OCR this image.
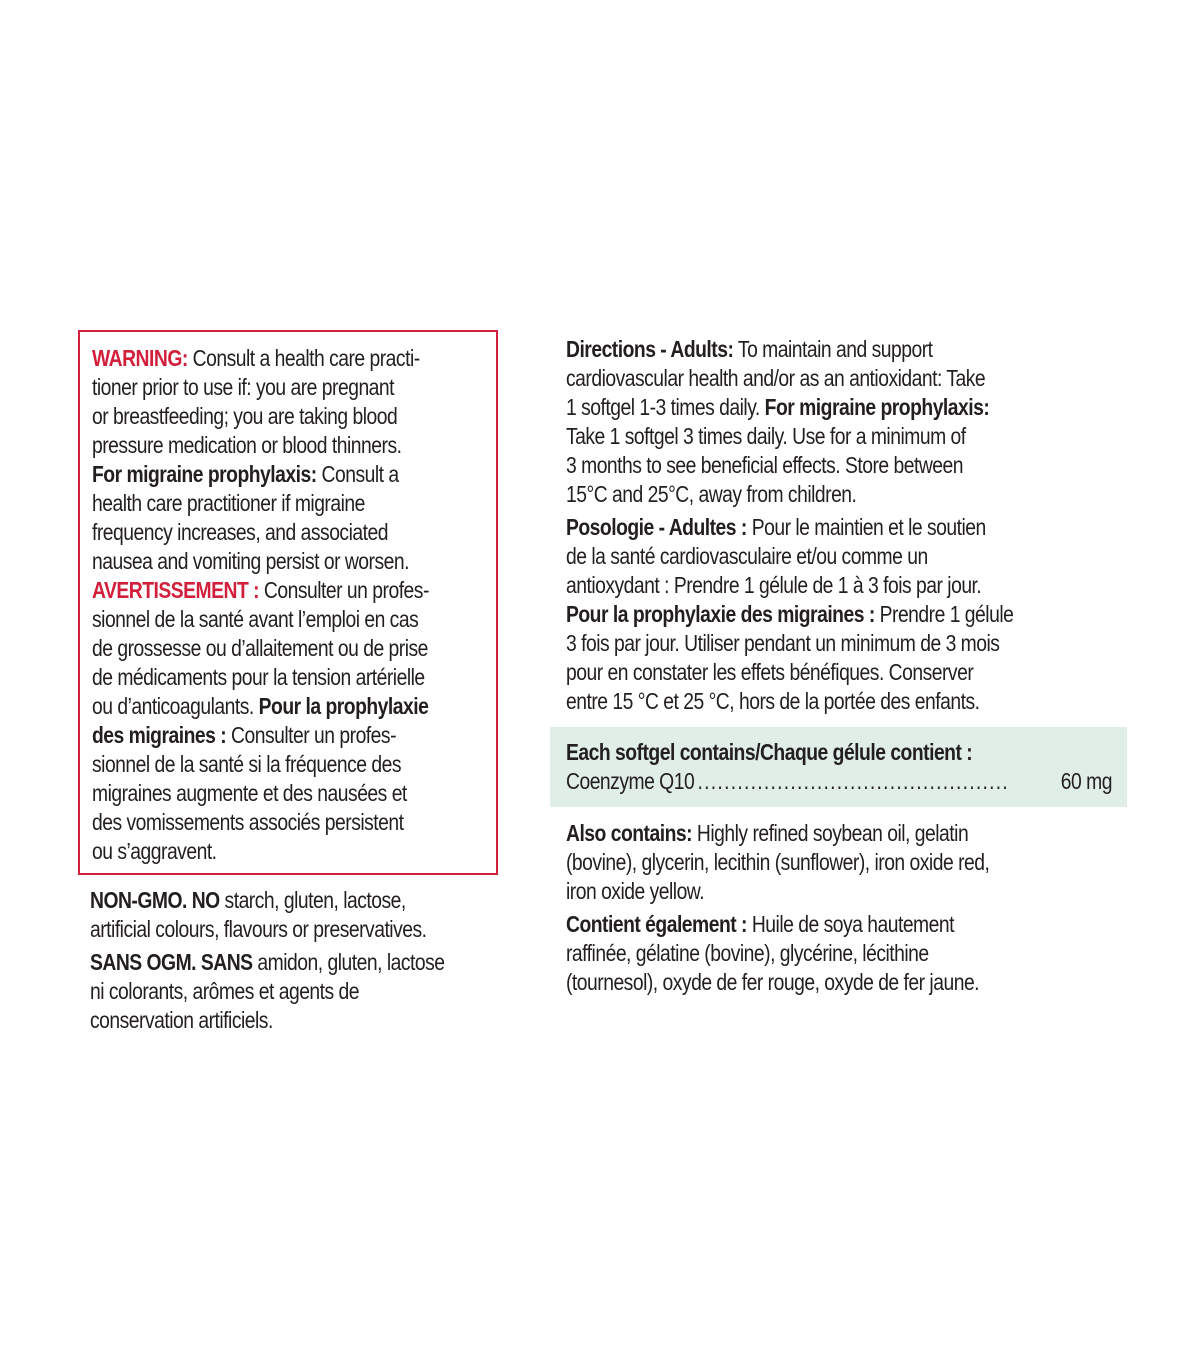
WARNING: Consult a health care practi-

tioner prior to use if: you are pregnant

or breastfeeding; you are taking blood

pressure medication or blood thinners.

For migraine prophylaxis: Consult a

health care practitioner if migraine

frequency increases, and associated

nausea and vomiting persist or worsen.

AVERTISSEMENT : Consulter un profes-

sionnel de la santé avant l’emploi en cas

de grossesse ou d’allaitement ou de prise

de médicaments pour la tension artérielle

ou d’anticoagulants. Pour la prophylaxie

des migraines : Consulter un profes-

sionnel de la santé si la fréquence des

migraines augmente et des nausées et

des vomissements associés persistent

ou s’aggravent.

NON-GMO. NO starch, gluten, lactose,

artificial colours, flavours or preservatives.

SANS OGM. SANS amidon, gluten, lactose

ni colorants, arômes et agents de

conservation artificiels.

Directions - Adults: To maintain and support

cardiovascular health and/or as an antioxidant: Take

1 softgel 1-3 times daily. For migraine prophylaxis:

Take 1 softgel 3 times daily. Use for a minimum of

3 months to see beneficial effects. Store between

15°C and 25°C, away from children.

Posologie - Adultes : Pour le maintien et le soutien

de la santé cardiovasculaire et/ou comme un

antioxydant : Prendre 1 gélule de 1 à 3 fois par jour.

Pour la prophylaxie des migraines : Prendre 1 gélule

3 fois par jour. Utiliser pendant un minimum de 3 mois

pour en constater les effets bénéfiques. Conserver

entre 15 °C et 25 °C, hors de la portée des enfants.

Each softgel contains/Chaque gélule contient :

Coenzyme Q10 ...............................................	60 mg

Also contains: Highly refined soybean oil, gelatin

(bovine), glycerin, lecithin (sunflower), iron oxide red,

iron oxide yellow.

Contient également : Huile de soya hautement

raffinée, gélatine (bovine), glycérine, lécithine

(tournesol), oxyde de fer rouge, oxyde de fer jaune.
